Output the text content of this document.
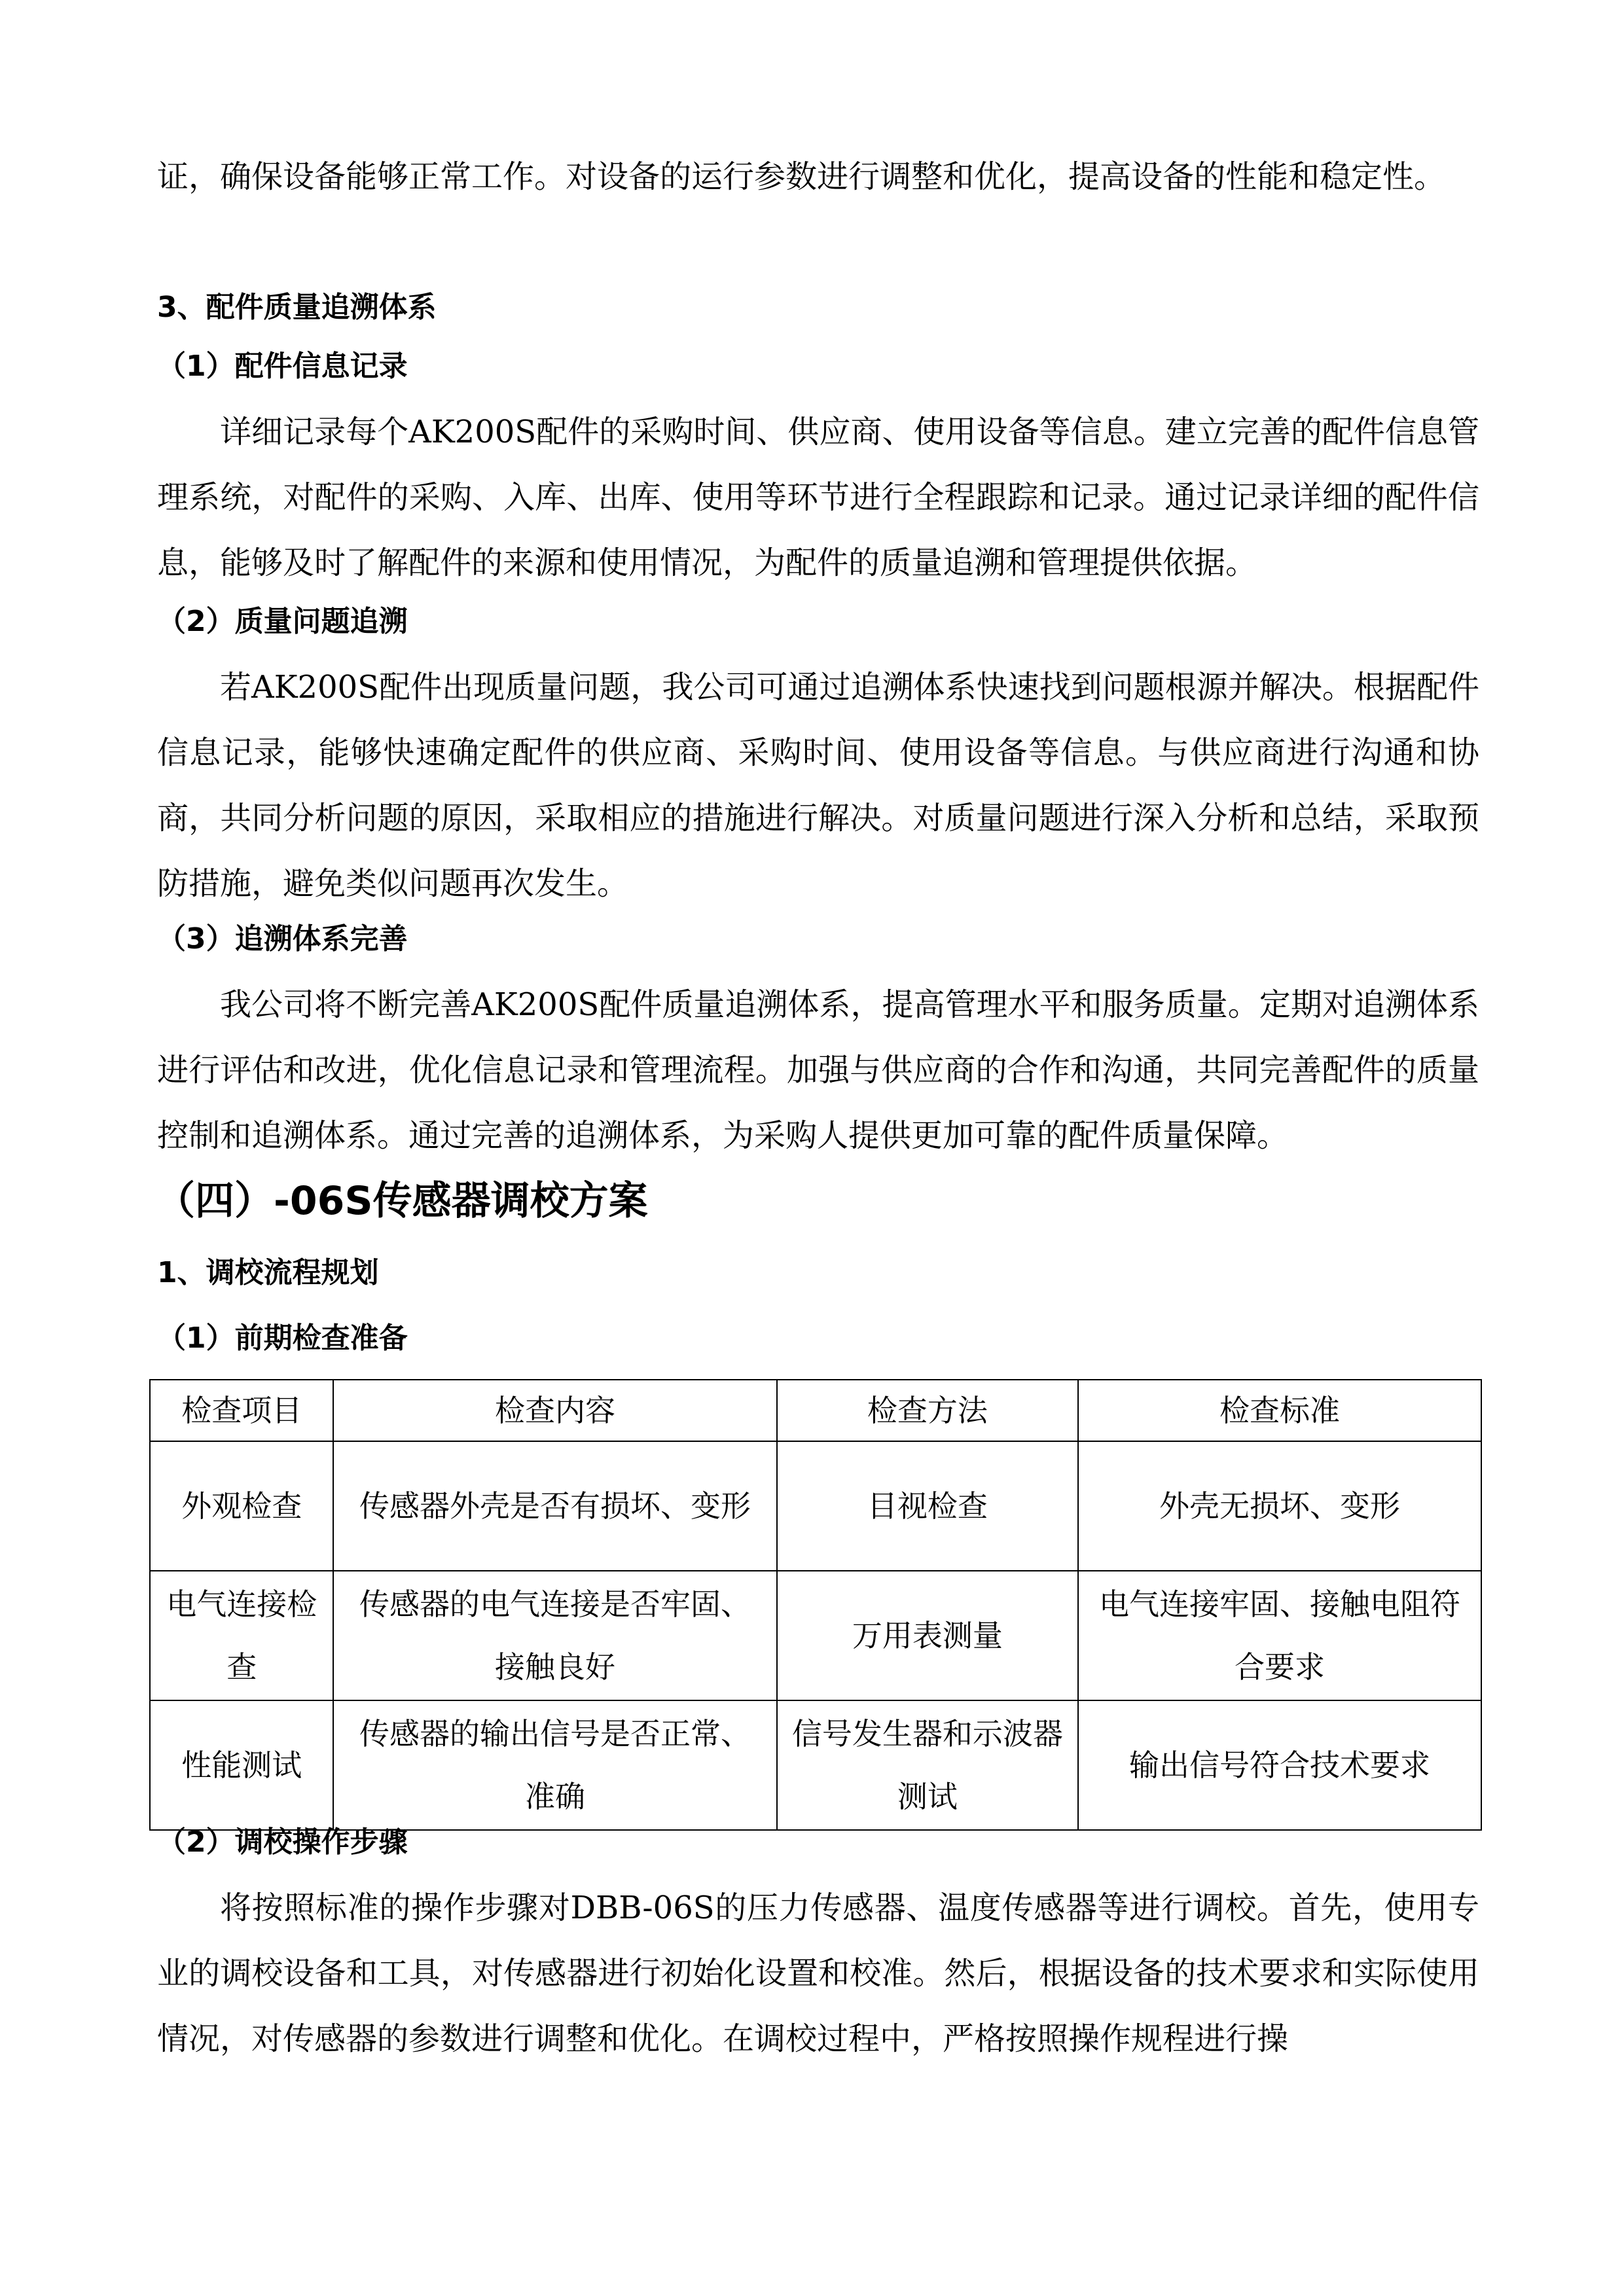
证，确保设备能够正常工作。对设备的运行参数进行调整和优化，提高设备的性能和稳定性。

3、配件质量追溯体系
（1）配件信息记录

详细记录每个AK200S配件的采购时间、供应商、使用设备等信息。建立完善的配件信息管理系统，对配件的采购、入库、出库、使用等环节进行全程跟踪和记录。通过记录详细的配件信息，能够及时了解配件的来源和使用情况，为配件的质量追溯和管理提供依据。

（2）质量问题追溯

若AK200S配件出现质量问题，我公司可通过追溯体系快速找到问题根源并解决。根据配件信息记录，能够快速确定配件的供应商、采购时间、使用设备等信息。与供应商进行沟通和协商，共同分析问题的原因，采取相应的措施进行解决。对质量问题进行深入分析和总结，采取预防措施，避免类似问题再次发生。

（3）追溯体系完善

我公司将不断完善AK200S配件质量追溯体系，提高管理水平和服务质量。定期对追溯体系进行评估和改进，优化信息记录和管理流程。加强与供应商的合作和沟通，共同完善配件的质量控制和追溯体系。通过完善的追溯体系，为采购人提供更加可靠的配件质量保障。

（四）-06S传感器调校方案
1、调校流程规划
（1）前期检查准备
检查项目	检查内容	检查方法	检查标准
外观检查	传感器外壳是否有损坏、变形	目视检查	外壳无损坏、变形
电气连接检查	传感器的电气连接是否牢固、接触良好	万用表测量	电气连接牢固、接触电阻符合要求
性能测试	传感器的输出信号是否正常、准确	信号发生器和示波器测试	输出信号符合技术要求
（2）调校操作步骤

将按照标准的操作步骤对DBB-06S的压力传感器、温度传感器等进行调校。首先，使用专业的调校设备和工具，对传感器进行初始化设置和校准。然后，根据设备的技术要求和实际使用情况，对传感器的参数进行调整和优化。在调校过程中，严格按照操作规程进行操
